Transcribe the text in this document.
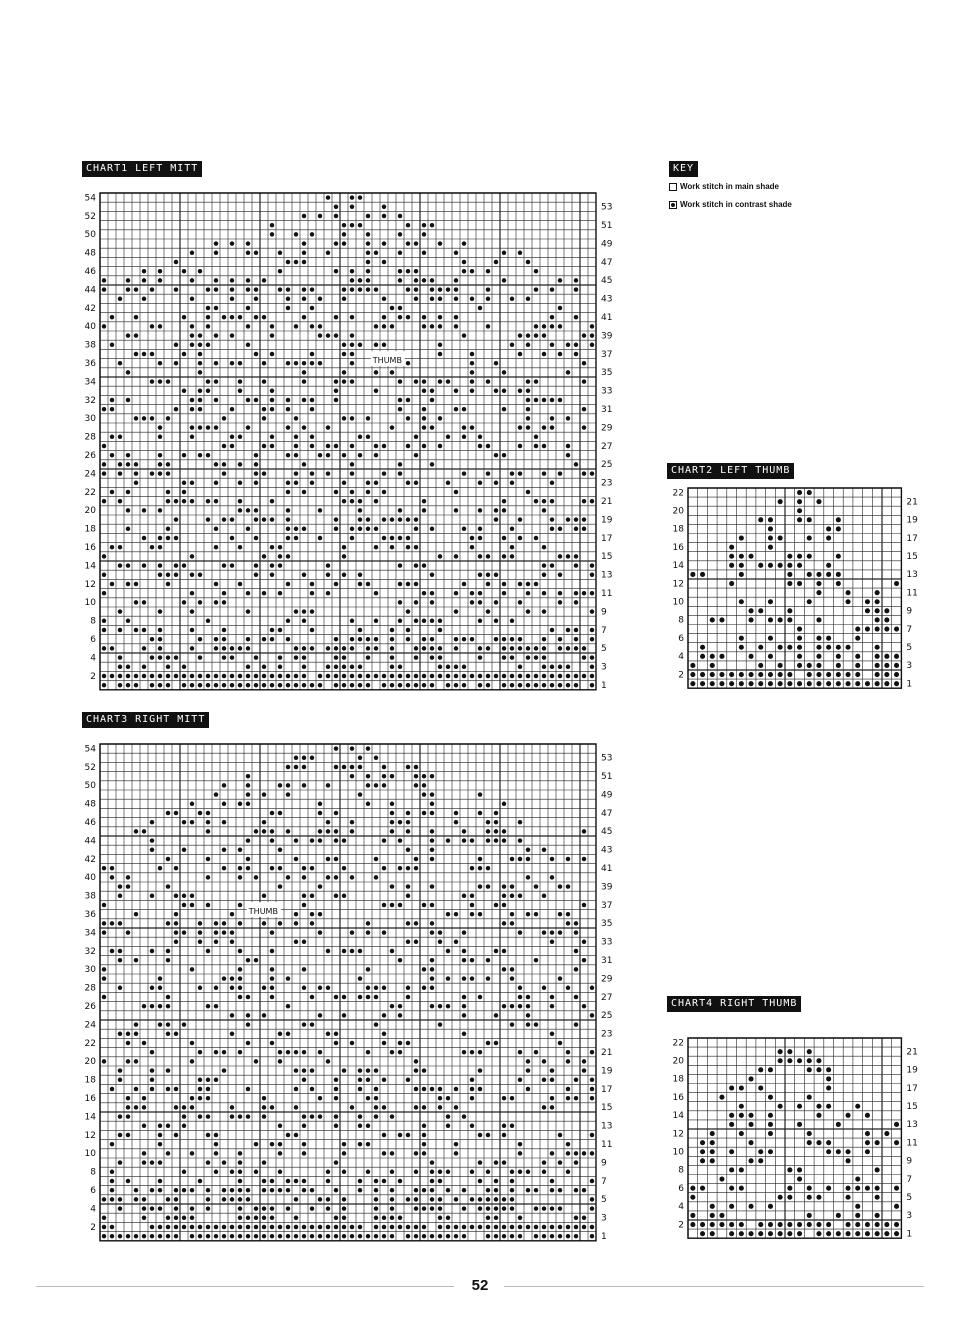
CHART1 LEFT MITT
54
52
50
48
46
44
42
40
38
36
34
32
30
28
26
24
22
20
18
16
14
12
10
8
6
4
2
53
51
49
47
45
43
41
39
37
35
33
31
29
27
25
23
21
19
17
15
13
11
9
7
5
3
1
THUMB
KEY
Work stitch in main shade
Work stitch in contrast shade
CHART2 LEFT THUMB
22
20
18
16
14
12
10
8
6
4
2
21
19
17
15
13
11
9
7
5
3
1
CHART3 RIGHT MITT
54
52
50
48
46
44
42
40
38
36
34
32
30
28
26
24
22
20
18
16
14
12
10
8
6
4
2
53
51
49
47
45
43
41
39
37
35
33
31
29
27
25
23
21
19
17
15
13
11
9
7
5
3
1
THUMB
CHART4 RIGHT THUMB
22
20
18
16
14
12
10
8
6
4
2
21
19
17
15
13
11
9
7
5
3
1
52
